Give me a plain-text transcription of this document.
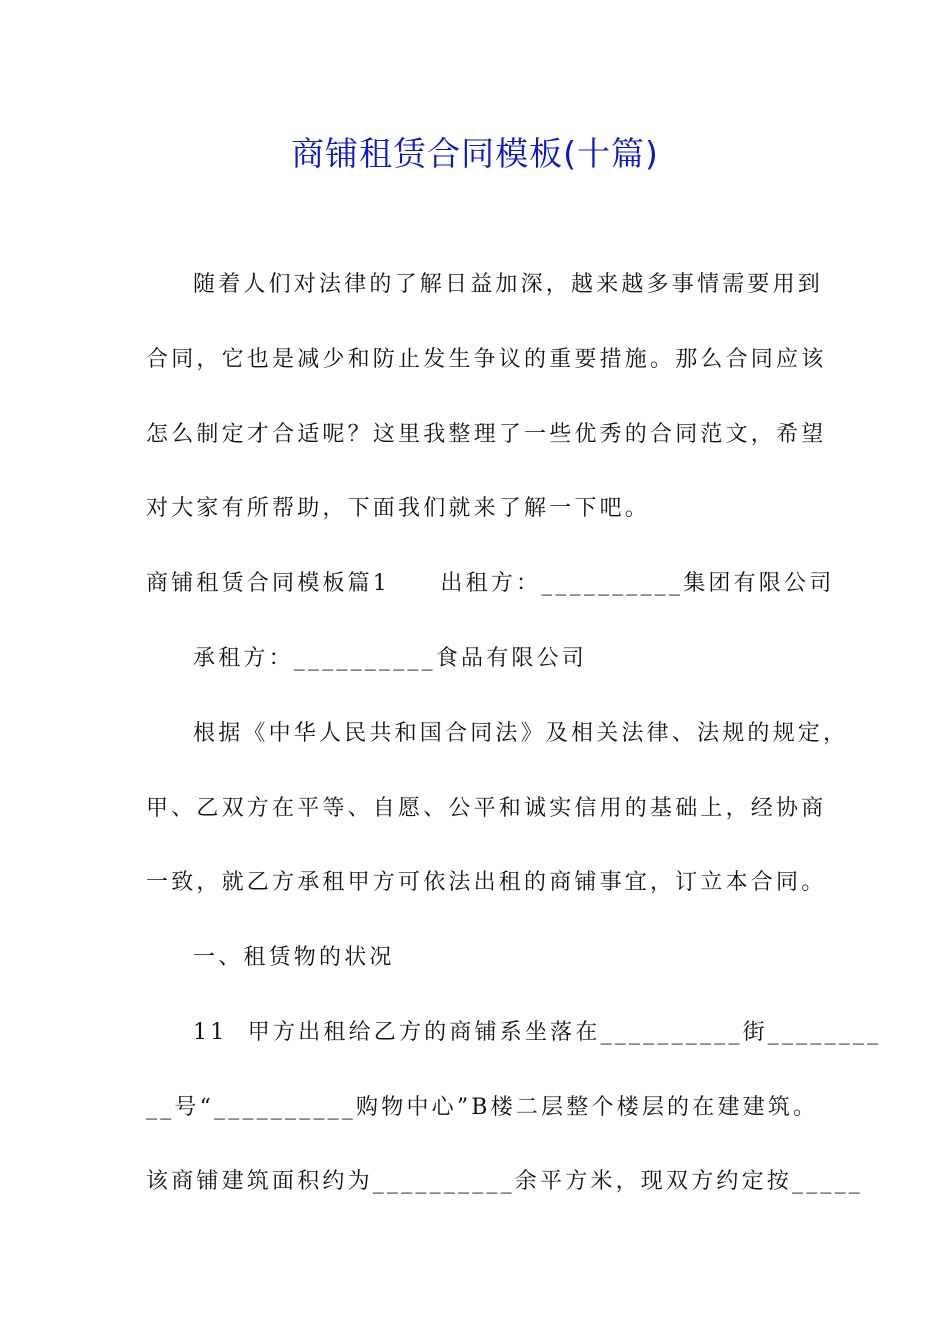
商铺租赁合同模板(十篇)
随着人们对法律的了解日益加深，越来越多事情需要用到
合同，它也是减少和防止发生争议的重要措施。那么合同应该
怎么制定才合适呢？这里我整理了一些优秀的合同范文，希望
对大家有所帮助，下面我们就来了解一下吧。
商铺租赁合同模板篇1　　出租方：__________集团有限公司
承租方：__________食品有限公司
根据《中华人民共和国合同法》及相关法律、法规的规定，
甲、乙双方在平等、自愿、公平和诚实信用的基础上，经协商
一致，就乙方承租甲方可依法出租的商铺事宜，订立本合同。
一、租赁物的状况
11  甲方出租给乙方的商铺系坐落在__________街________
__号“__________购物中心”B楼二层整个楼层的在建建筑。
该商铺建筑面积约为__________余平方米，现双方约定按_____
